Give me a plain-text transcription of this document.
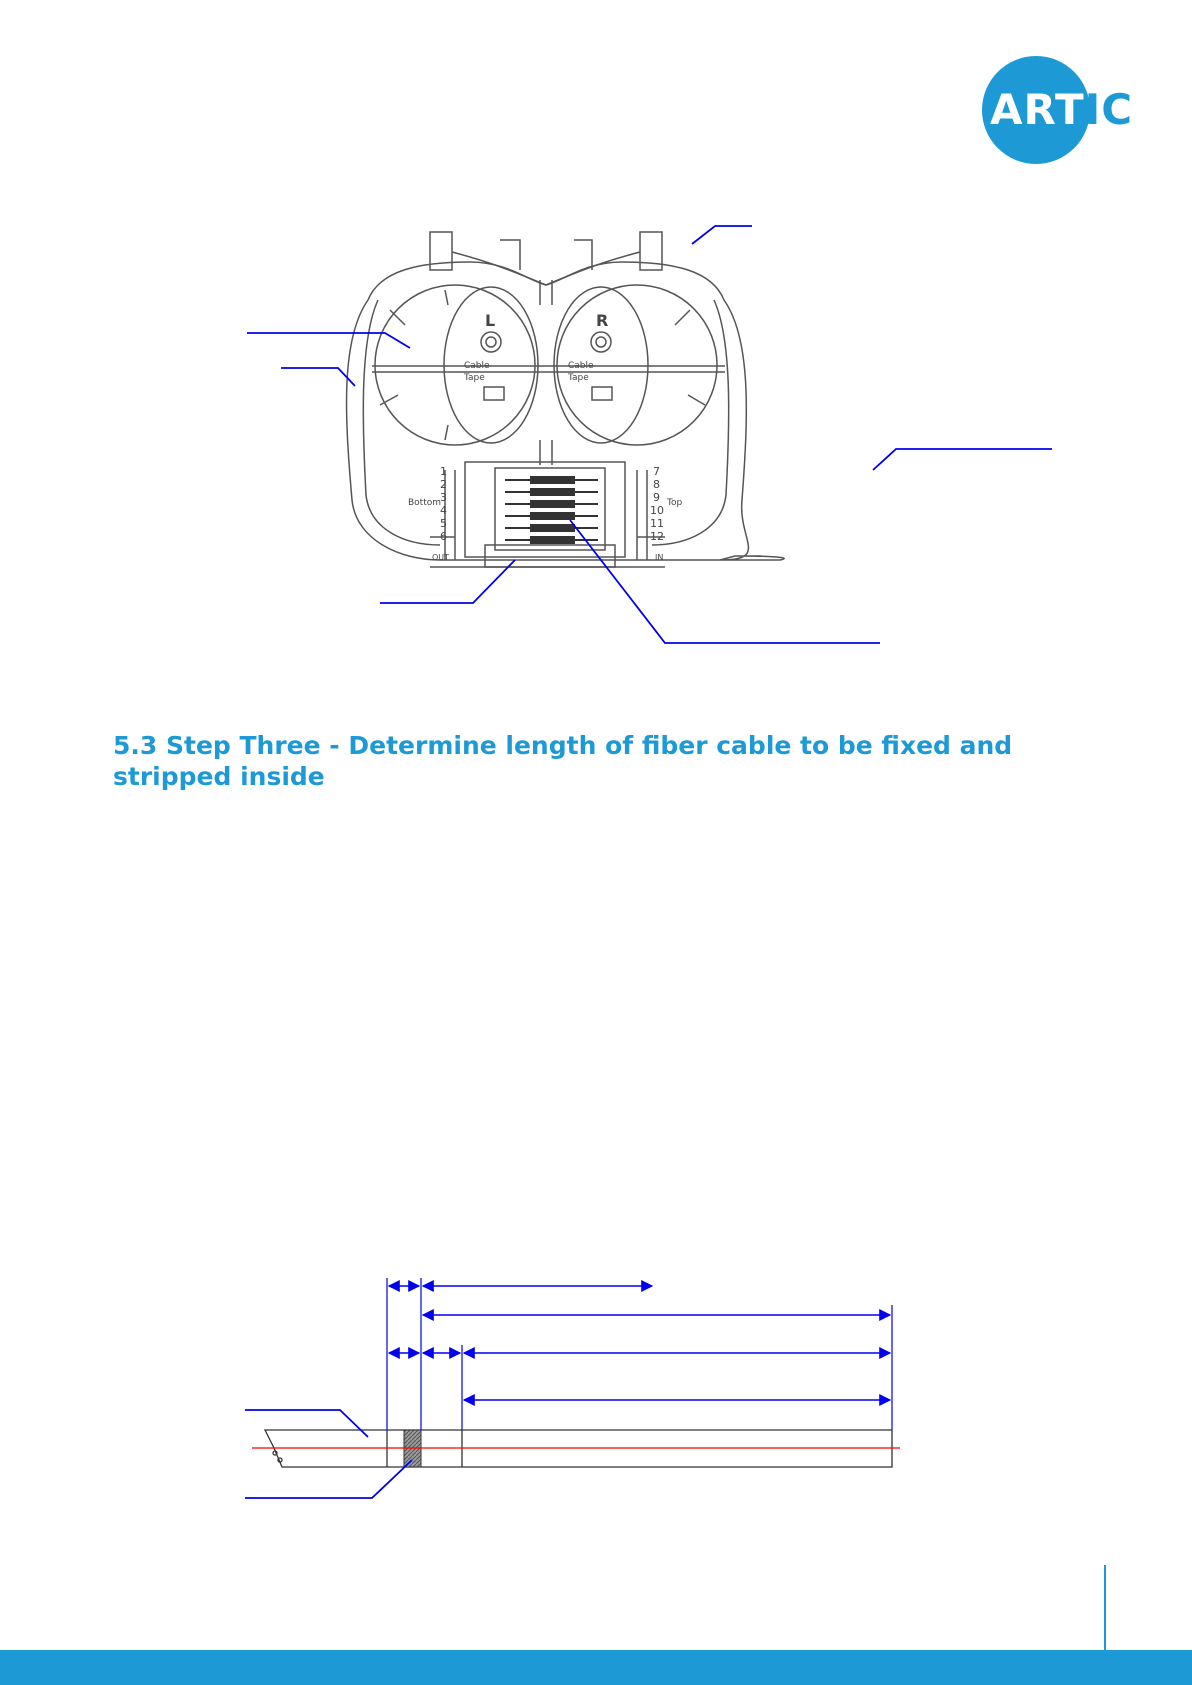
ARTIC
L	R
Cable
Tape
Cable
Tape
Bottom	Top
OUT	IN
1
2
3
4
5
6
7
8
9
10
11
12
5.3 Step Three - Determine length of fiber cable to be fixed and
stripped inside
